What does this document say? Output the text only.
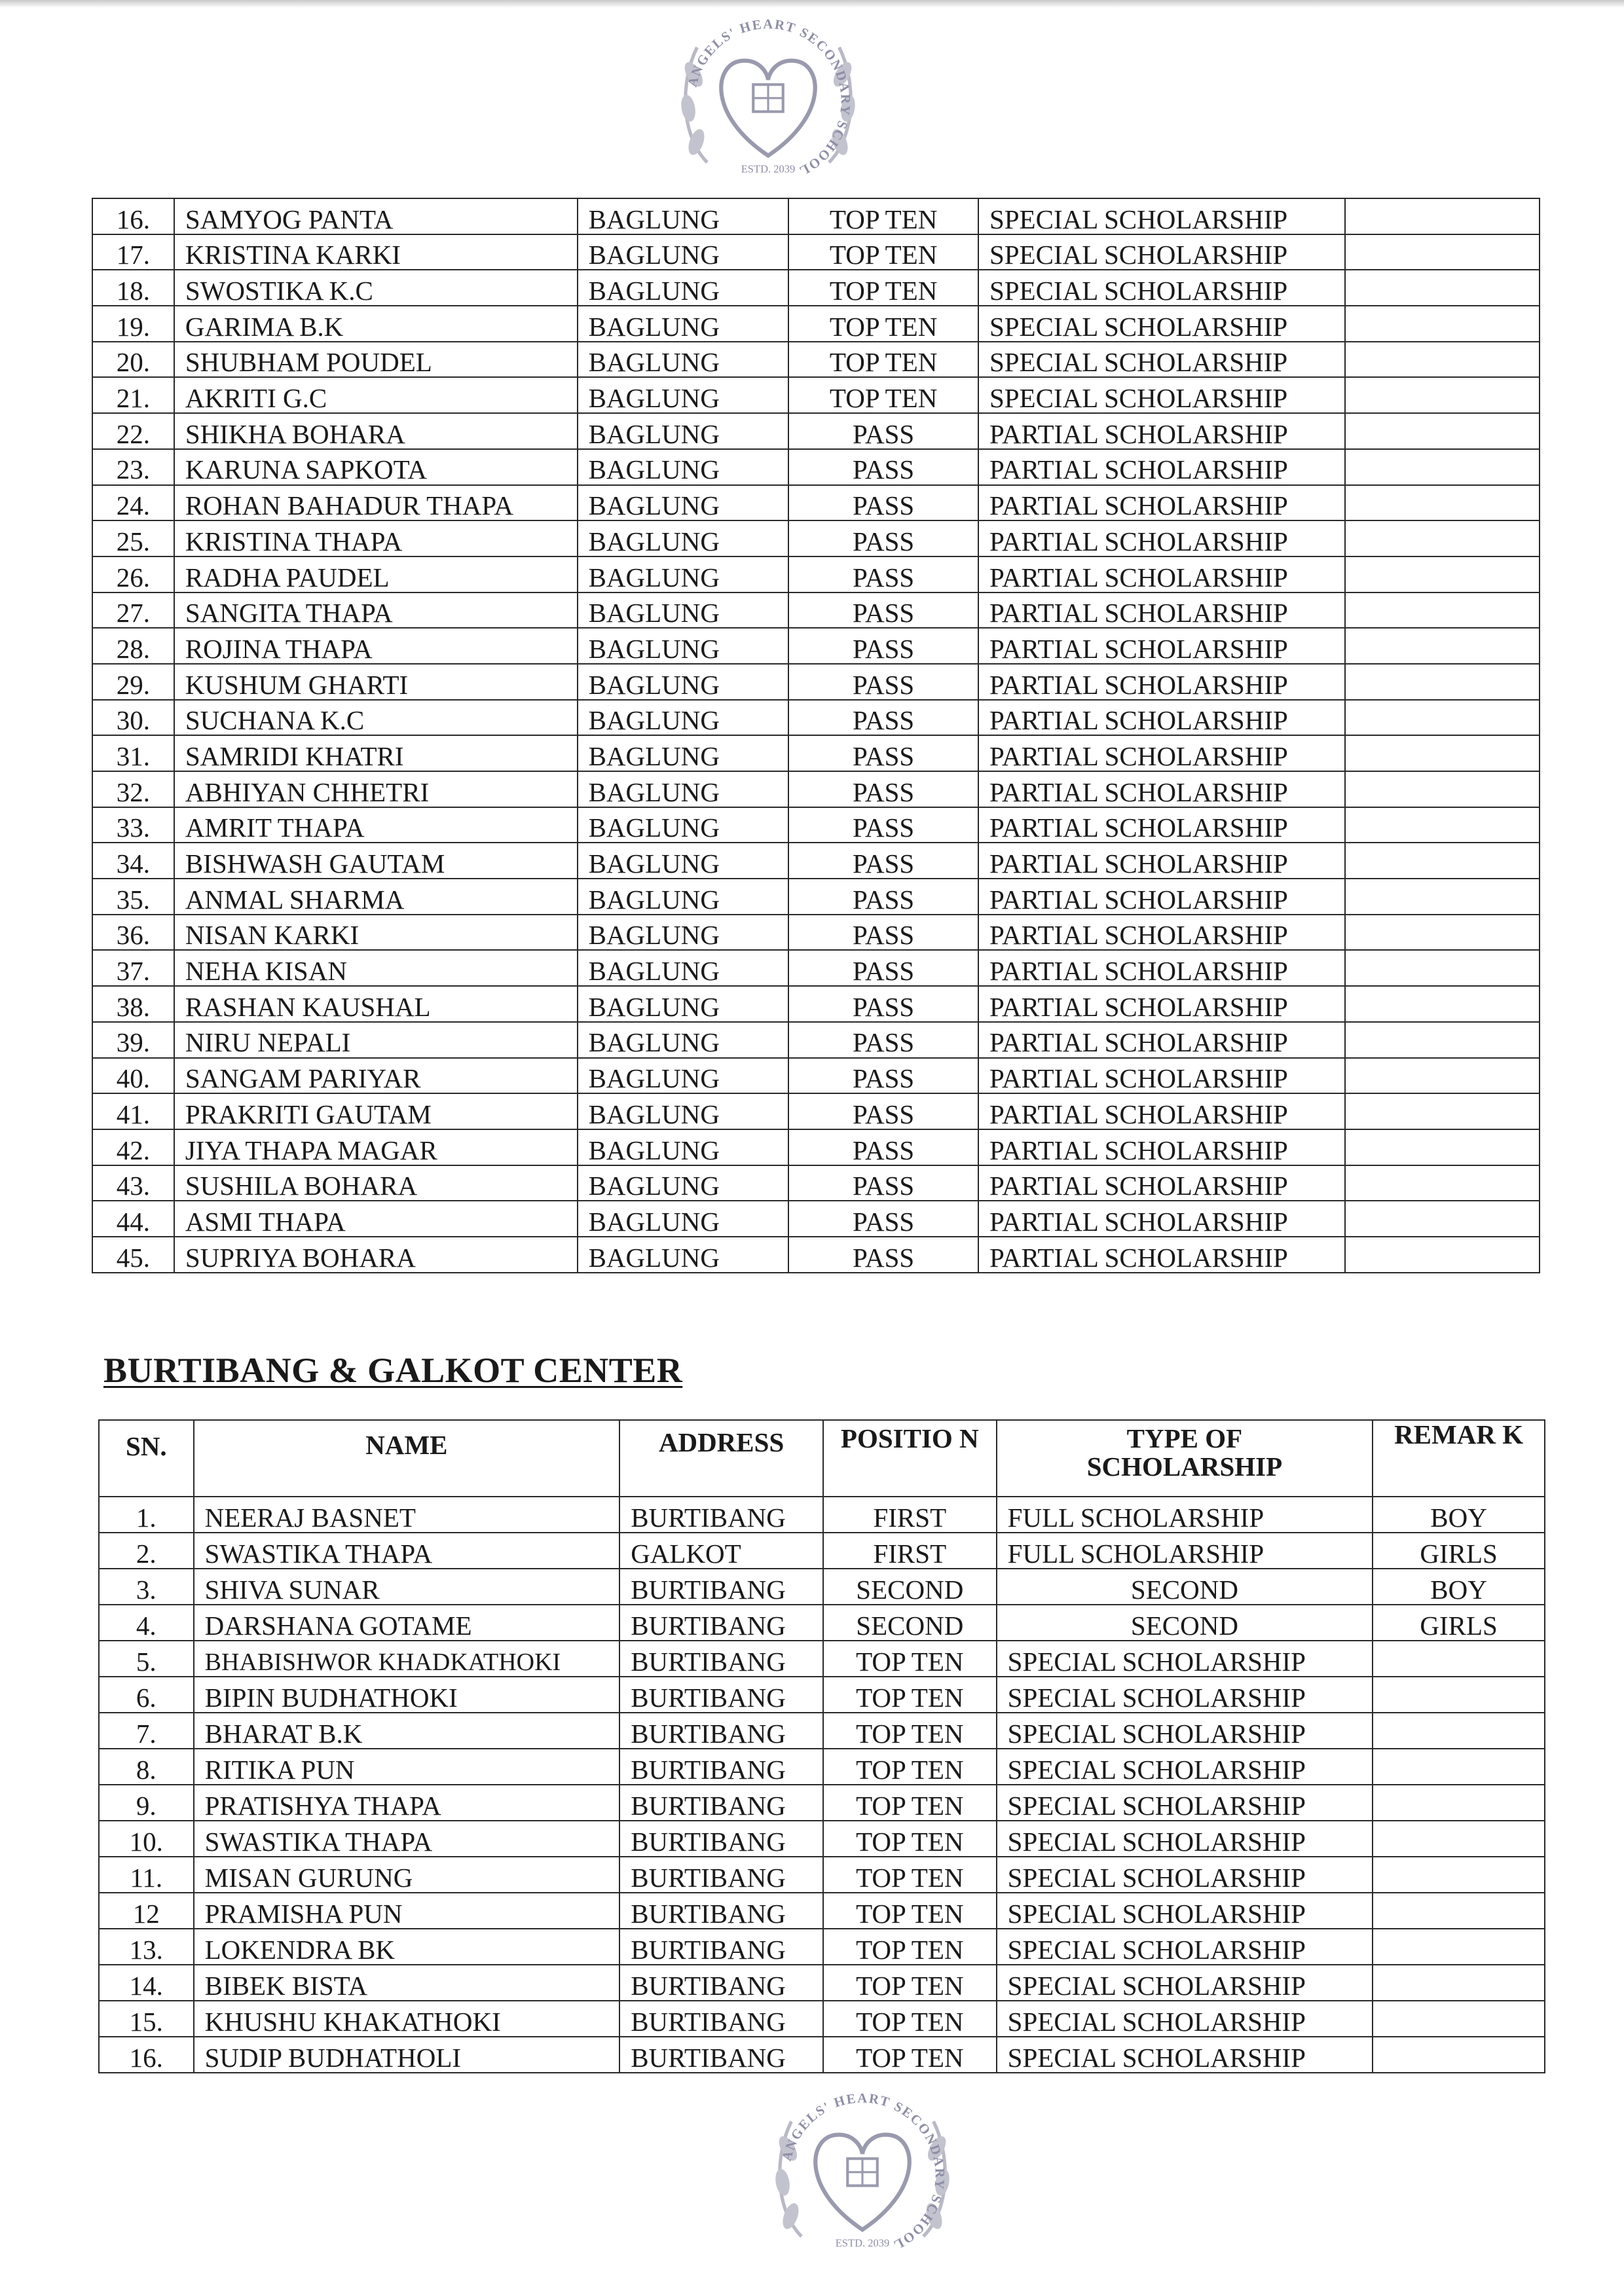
ANGELS' HEART SECONDARY SCHOOL
ESTD. 2039
16.	SAMYOG PANTA	BAGLUNG	TOP TEN	SPECIAL SCHOLARSHIP	
17.	KRISTINA KARKI	BAGLUNG	TOP TEN	SPECIAL SCHOLARSHIP	
18.	SWOSTIKA K.C	BAGLUNG	TOP TEN	SPECIAL SCHOLARSHIP	
19.	GARIMA B.K	BAGLUNG	TOP TEN	SPECIAL SCHOLARSHIP	
20.	SHUBHAM POUDEL	BAGLUNG	TOP TEN	SPECIAL SCHOLARSHIP	
21.	AKRITI G.C	BAGLUNG	TOP TEN	SPECIAL SCHOLARSHIP	
22.	SHIKHA BOHARA	BAGLUNG	PASS	PARTIAL SCHOLARSHIP	
23.	KARUNA SAPKOTA	BAGLUNG	PASS	PARTIAL SCHOLARSHIP	
24.	ROHAN BAHADUR THAPA	BAGLUNG	PASS	PARTIAL SCHOLARSHIP	
25.	KRISTINA THAPA	BAGLUNG	PASS	PARTIAL SCHOLARSHIP	
26.	RADHA PAUDEL	BAGLUNG	PASS	PARTIAL SCHOLARSHIP	
27.	SANGITA THAPA	BAGLUNG	PASS	PARTIAL SCHOLARSHIP	
28.	ROJINA THAPA	BAGLUNG	PASS	PARTIAL SCHOLARSHIP	
29.	KUSHUM GHARTI	BAGLUNG	PASS	PARTIAL SCHOLARSHIP	
30.	SUCHANA K.C	BAGLUNG	PASS	PARTIAL SCHOLARSHIP	
31.	SAMRIDI KHATRI	BAGLUNG	PASS	PARTIAL SCHOLARSHIP	
32.	ABHIYAN CHHETRI	BAGLUNG	PASS	PARTIAL SCHOLARSHIP	
33.	AMRIT THAPA	BAGLUNG	PASS	PARTIAL SCHOLARSHIP	
34.	BISHWASH GAUTAM	BAGLUNG	PASS	PARTIAL SCHOLARSHIP	
35.	ANMAL SHARMA	BAGLUNG	PASS	PARTIAL SCHOLARSHIP	
36.	NISAN KARKI	BAGLUNG	PASS	PARTIAL SCHOLARSHIP	
37.	NEHA KISAN	BAGLUNG	PASS	PARTIAL SCHOLARSHIP	
38.	RASHAN KAUSHAL	BAGLUNG	PASS	PARTIAL SCHOLARSHIP	
39.	NIRU NEPALI	BAGLUNG	PASS	PARTIAL SCHOLARSHIP	
40.	SANGAM PARIYAR	BAGLUNG	PASS	PARTIAL SCHOLARSHIP	
41.	PRAKRITI GAUTAM	BAGLUNG	PASS	PARTIAL SCHOLARSHIP	
42.	JIYA THAPA MAGAR	BAGLUNG	PASS	PARTIAL SCHOLARSHIP	
43.	SUSHILA BOHARA	BAGLUNG	PASS	PARTIAL SCHOLARSHIP	
44.	ASMI THAPA	BAGLUNG	PASS	PARTIAL SCHOLARSHIP	
45.	SUPRIYA BOHARA	BAGLUNG	PASS	PARTIAL SCHOLARSHIP	
BURTIBANG & GALKOT CENTER
SN.	NAME	ADDRESS	POSITIO N	TYPE OF SCHOLARSHIP	REMAR K
1.	NEERAJ BASNET	BURTIBANG	FIRST	FULL SCHOLARSHIP	BOY
2.	SWASTIKA THAPA	GALKOT	FIRST	FULL SCHOLARSHIP	GIRLS
3.	SHIVA SUNAR	BURTIBANG	SECOND	SECOND	BOY
4.	DARSHANA GOTAME	BURTIBANG	SECOND	SECOND	GIRLS
5.	BHABISHWOR KHADKATHOKI	BURTIBANG	TOP TEN	SPECIAL SCHOLARSHIP	
6.	BIPIN BUDHATHOKI	BURTIBANG	TOP TEN	SPECIAL SCHOLARSHIP	
7.	BHARAT B.K	BURTIBANG	TOP TEN	SPECIAL SCHOLARSHIP	
8.	RITIKA PUN	BURTIBANG	TOP TEN	SPECIAL SCHOLARSHIP	
9.	PRATISHYA THAPA	BURTIBANG	TOP TEN	SPECIAL SCHOLARSHIP	
10.	SWASTIKA THAPA	BURTIBANG	TOP TEN	SPECIAL SCHOLARSHIP	
11.	MISAN GURUNG	BURTIBANG	TOP TEN	SPECIAL SCHOLARSHIP	
12	PRAMISHA PUN	BURTIBANG	TOP TEN	SPECIAL SCHOLARSHIP	
13.	LOKENDRA BK	BURTIBANG	TOP TEN	SPECIAL SCHOLARSHIP	
14.	BIBEK BISTA	BURTIBANG	TOP TEN	SPECIAL SCHOLARSHIP	
15.	KHUSHU KHAKATHOKI	BURTIBANG	TOP TEN	SPECIAL SCHOLARSHIP	
16.	SUDIP BUDHATHOLI	BURTIBANG	TOP TEN	SPECIAL SCHOLARSHIP	
ANGELS' HEART SECONDARY SCHOOL
ESTD. 2039
